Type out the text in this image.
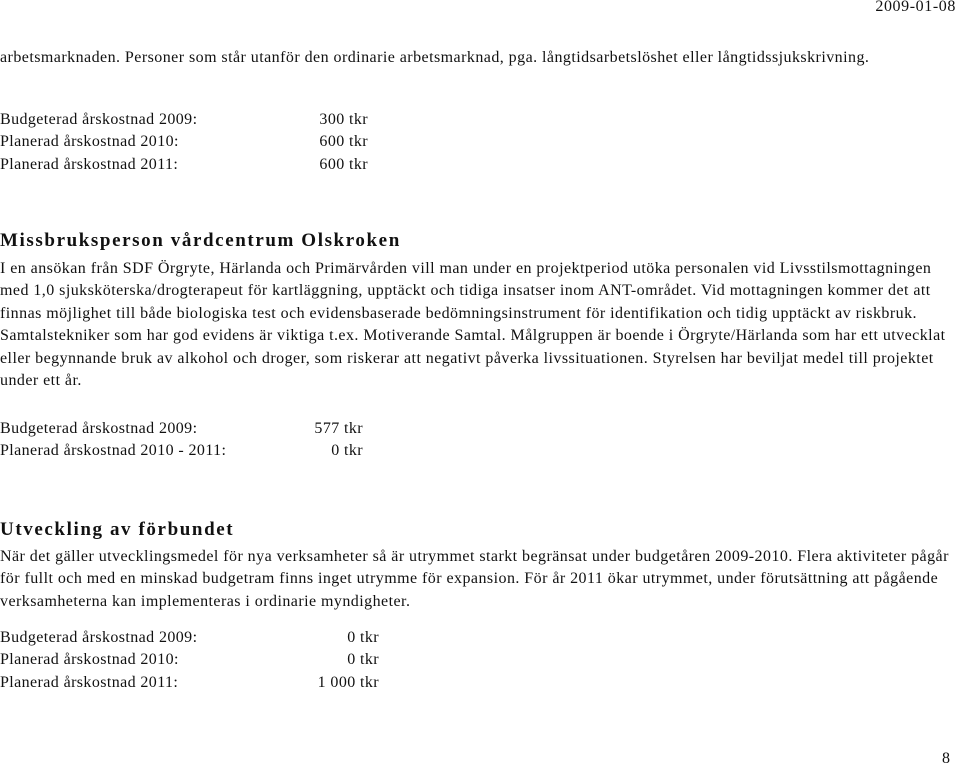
2009-01-08

arbetsmarknaden. Personer som står utanför den ordinarie arbetsmarknad, pga. långtidsarbetslöshet eller långtidssjukskrivning.

Budgeterad årskostnad 2009:	300 tkr
Planerad årskostnad 2010:	600 tkr
Planerad årskostnad 2011:	600 tkr
Missbruksperson vårdcentrum Olskroken

I en ansökan från SDF Örgryte, Härlanda och Primärvården vill man under en projektperiod utöka personalen vid Livsstilsmottagningen med 1,0 sjuksköterska/drogterapeut för kartläggning, upptäckt och tidiga insatser inom ANT-området. Vid mottagningen kommer det att finnas möjlighet till både biologiska test och evidensbaserade bedömningsinstrument för identifikation och tidig upptäckt av riskbruk. Samtalstekniker som har god evidens är viktiga t.ex. Motiverande Samtal. Målgruppen är boende i Örgryte/Härlanda som har ett utvecklat eller begynnande bruk av alkohol och droger, som riskerar att negativt påverka livssituationen. Styrelsen har beviljat medel till projektet under ett år.

Budgeterad årskostnad 2009:	577 tkr
Planerad årskostnad 2010 - 2011:	0 tkr
Utveckling av förbundet

När det gäller utvecklingsmedel för nya verksamheter så är utrymmet starkt begränsat under budgetåren 2009-2010. Flera aktiviteter pågår för fullt och med en minskad budgetram finns inget utrymme för expansion. För år 2011 ökar utrymmet, under förutsättning att pågående verksamheterna kan implementeras i ordinarie myndigheter.

Budgeterad årskostnad 2009:	0 tkr
Planerad årskostnad 2010:	0 tkr
Planerad årskostnad 2011:	1 000 tkr
8
